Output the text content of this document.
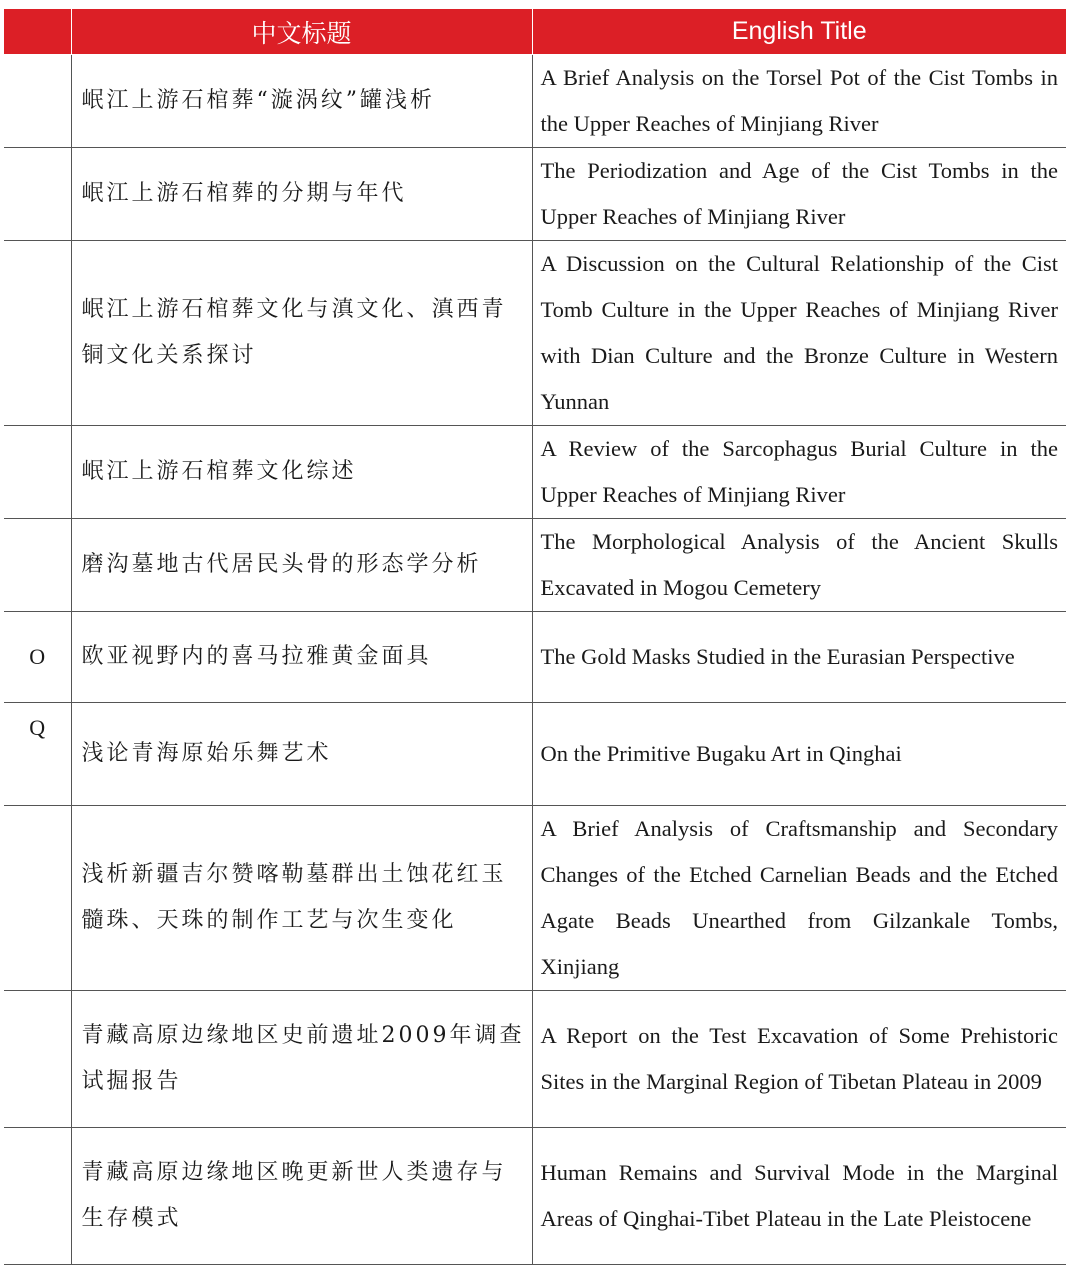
	中文标题	English Title
	岷江上游石棺葬“漩涡纹”罐浅析	A Brief Analysis on the Torsel Pot of the Cist Tombs in the Upper Reaches of Minjiang River
	岷江上游石棺葬的分期与年代	The Periodization and Age of the Cist Tombs in the Upper Reaches of Minjiang River
	岷江上游石棺葬文化与滇文化、滇西青铜文化关系探讨	A Discussion on the Cultural Relationship of the Cist Tomb Culture in the Upper Reaches of Minjiang River with Dian Culture and the Bronze Culture in Western Yunnan
	岷江上游石棺葬文化综述	A Review of the Sarcophagus Burial Culture in the Upper Reaches of Minjiang River
	磨沟墓地古代居民头骨的形态学分析	The Morphological Analysis of the Ancient Skulls Excavated in Mogou Cemetery
O	欧亚视野内的喜马拉雅黄金面具	The Gold Masks Studied in the Eurasian Perspective
Q	浅论青海原始乐舞艺术	On the Primitive Bugaku Art in Qinghai
	浅析新疆吉尔赞喀勒墓群出土蚀花红玉髓珠、天珠的制作工艺与次生变化	A Brief Analysis of Craftsmanship and Secondary Changes of the Etched Carnelian Beads and the Etched Agate Beads Unearthed from Gilzankale Tombs, Xinjiang
	青藏高原边缘地区史前遗址2009年调查试掘报告	A Report on the Test Excavation of Some Prehistoric Sites in the Marginal Region of Tibetan Plateau in 2009
	青藏高原边缘地区晚更新世人类遗存与生存模式	Human Remains and Survival Mode in the Marginal Areas of Qinghai-Tibet Plateau in the Late Pleistocene
